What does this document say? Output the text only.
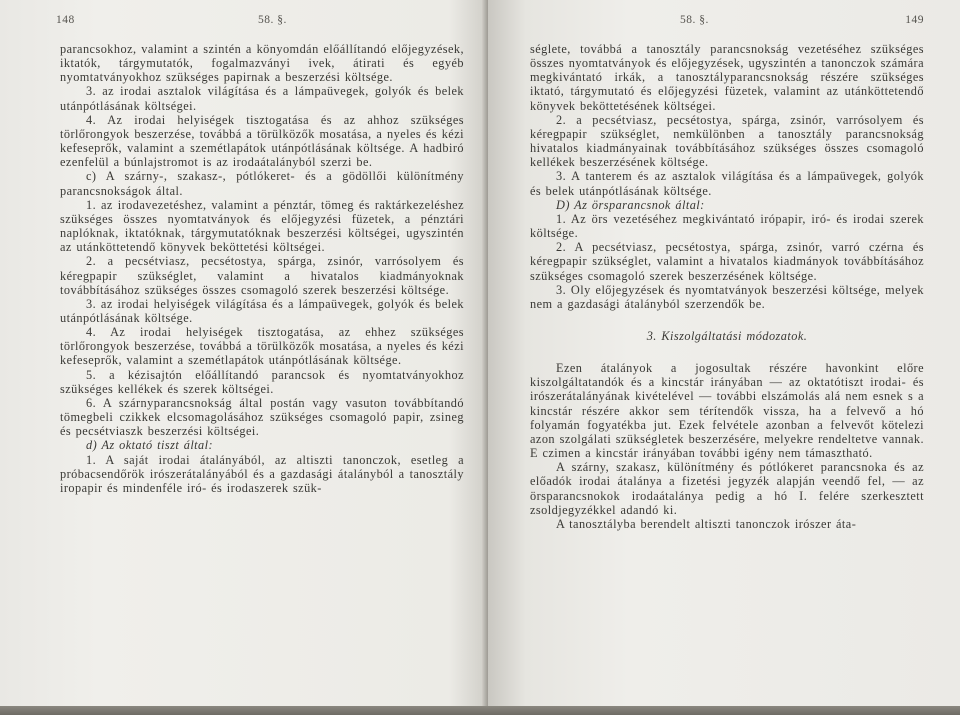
148	58. §.

parancsokhoz, valamint a szintén a könyomdán előállítandó előjegyzések, iktatók, tárgymutatók, fogalmazványi ivek, átirati és egyéb nyomtatványokhoz szükséges papirnak a beszerzési költsége.

3. az irodai asztalok világítása és a lámpaüvegek, golyók és belek utánpótlásának költségei.

4. Az irodai helyiségek tisztogatása és az ahhoz szükséges törlőrongyok beszerzése, továbbá a törülközők mosatása, a nyeles és kézi kefeseprők, valamint a szemétlapátok utánpótlásának költsége. A hadbiró ezenfelül a búnlajstromot is az irodaátalányból szerzi be.

c) A szárny-, szakasz-, pótlókeret- és a gödöllői különítmény parancsnokságok által.

1. az irodavezetéshez, valamint a pénztár, tömeg és raktárkezeléshez szükséges összes nyomtatványok és előjegyzési füzetek, a pénztári naplóknak, iktatóknak, tárgymutatóknak beszerzési költségei, ugyszintén az utánköttetendő könyvek beköttetési költségei.

2. a pecsétviasz, pecsétostya, spárga, zsinór, varrósolyem és kéregpapir szükséglet, valamint a hivatalos kiadmányoknak továbbításához szükséges összes csomagoló szerek beszerzési költsége.

3. az irodai helyiségek világítása és a lámpaüvegek, golyók és belek utánpótlásának költsége.

4. Az irodai helyiségek tisztogatása, az ehhez szükséges törlőrongyok beszerzése, továbbá a törülközők mosatása, a nyeles és kézi kefeseprők, valamint a szemétlapátok utánpótlásának költsége.

5. a kézisajtón előállítandó parancsok és nyomtatványokhoz szükséges kellékek és szerek költségei.

6. A szárnyparancsnokság által postán vagy vasuton továbbítandó tömegbeli czikkek elcsomagolásához szükséges csomagoló papir, zsineg és pecsétviaszk beszerzési költségei.

d) Az oktató tiszt által:

1. A saját irodai átalányából, az altiszti tanonczok, esetleg a próbacsendőrök irószerátalányából és a gazdasági átalányból a tanosztály iropapir és mindenféle iró- és irodaszerek szük-

58. §.	149

séglete, továbbá a tanosztály parancsnokság vezetéséhez szükséges összes nyomtatványok és előjegyzések, ugyszintén a tanonczok számára megkivántató irkák, a tanosztályparancsnokság részére szükséges iktató, tárgymutató és előjegyzési füzetek, valamint az utánköttetendő könyvek beköttetésének költségei.

2. a pecsétviasz, pecsétostya, spárga, zsinór, varrósolyem és kéregpapir szükséglet, nemkülönben a tanosztály parancsnokság hivatalos kiadmányainak továbbításához szükséges összes csomagoló kellékek beszerzésének költsége.

3. A tanterem és az asztalok világítása és a lámpaüvegek, golyók és belek utánpótlásának költsége.

D) Az örsparancsnok által:

1. Az örs vezetéséhez megkivántató irópapir, iró- és irodai szerek költsége.

2. A pecsétviasz, pecsétostya, spárga, zsinór, varró czérna és kéregpapir szükséglet, valamint a hivatalos kiadmányok továbbításához szükséges csomagoló szerek beszerzésének költsége.

3. Oly előjegyzések és nyomtatványok beszerzési költsége, melyek nem a gazdasági átalányból szerzendők be.

3. Kiszolgáltatási módozatok.

Ezen átalányok a jogosultak részére havonkint előre kiszolgáltatandók és a kincstár irányában — az oktatótiszt irodai- és irószerátalányának kivételével — további elszámolás alá nem esnek s a kincstár részére akkor sem térítendők vissza, ha a felvevő a hó folyamán fogyatékba jut. Ezek felvétele azonban a felvevőt kötelezi azon szolgálati szükségletek beszerzésére, melyekre rendeltetve vannak. E czimen a kincstár irányában további igény nem támasztható.

A szárny, szakasz, különítmény és pótlókeret parancsnoka és az előadók irodai átalánya a fizetési jegyzék alapján veendő fel, — az örsparancsnokok irodaátalánya pedig a hó I. felére szerkesztett zsoldjegyzékkel adandó ki.

A tanosztályba berendelt altiszti tanonczok irószer áta-
